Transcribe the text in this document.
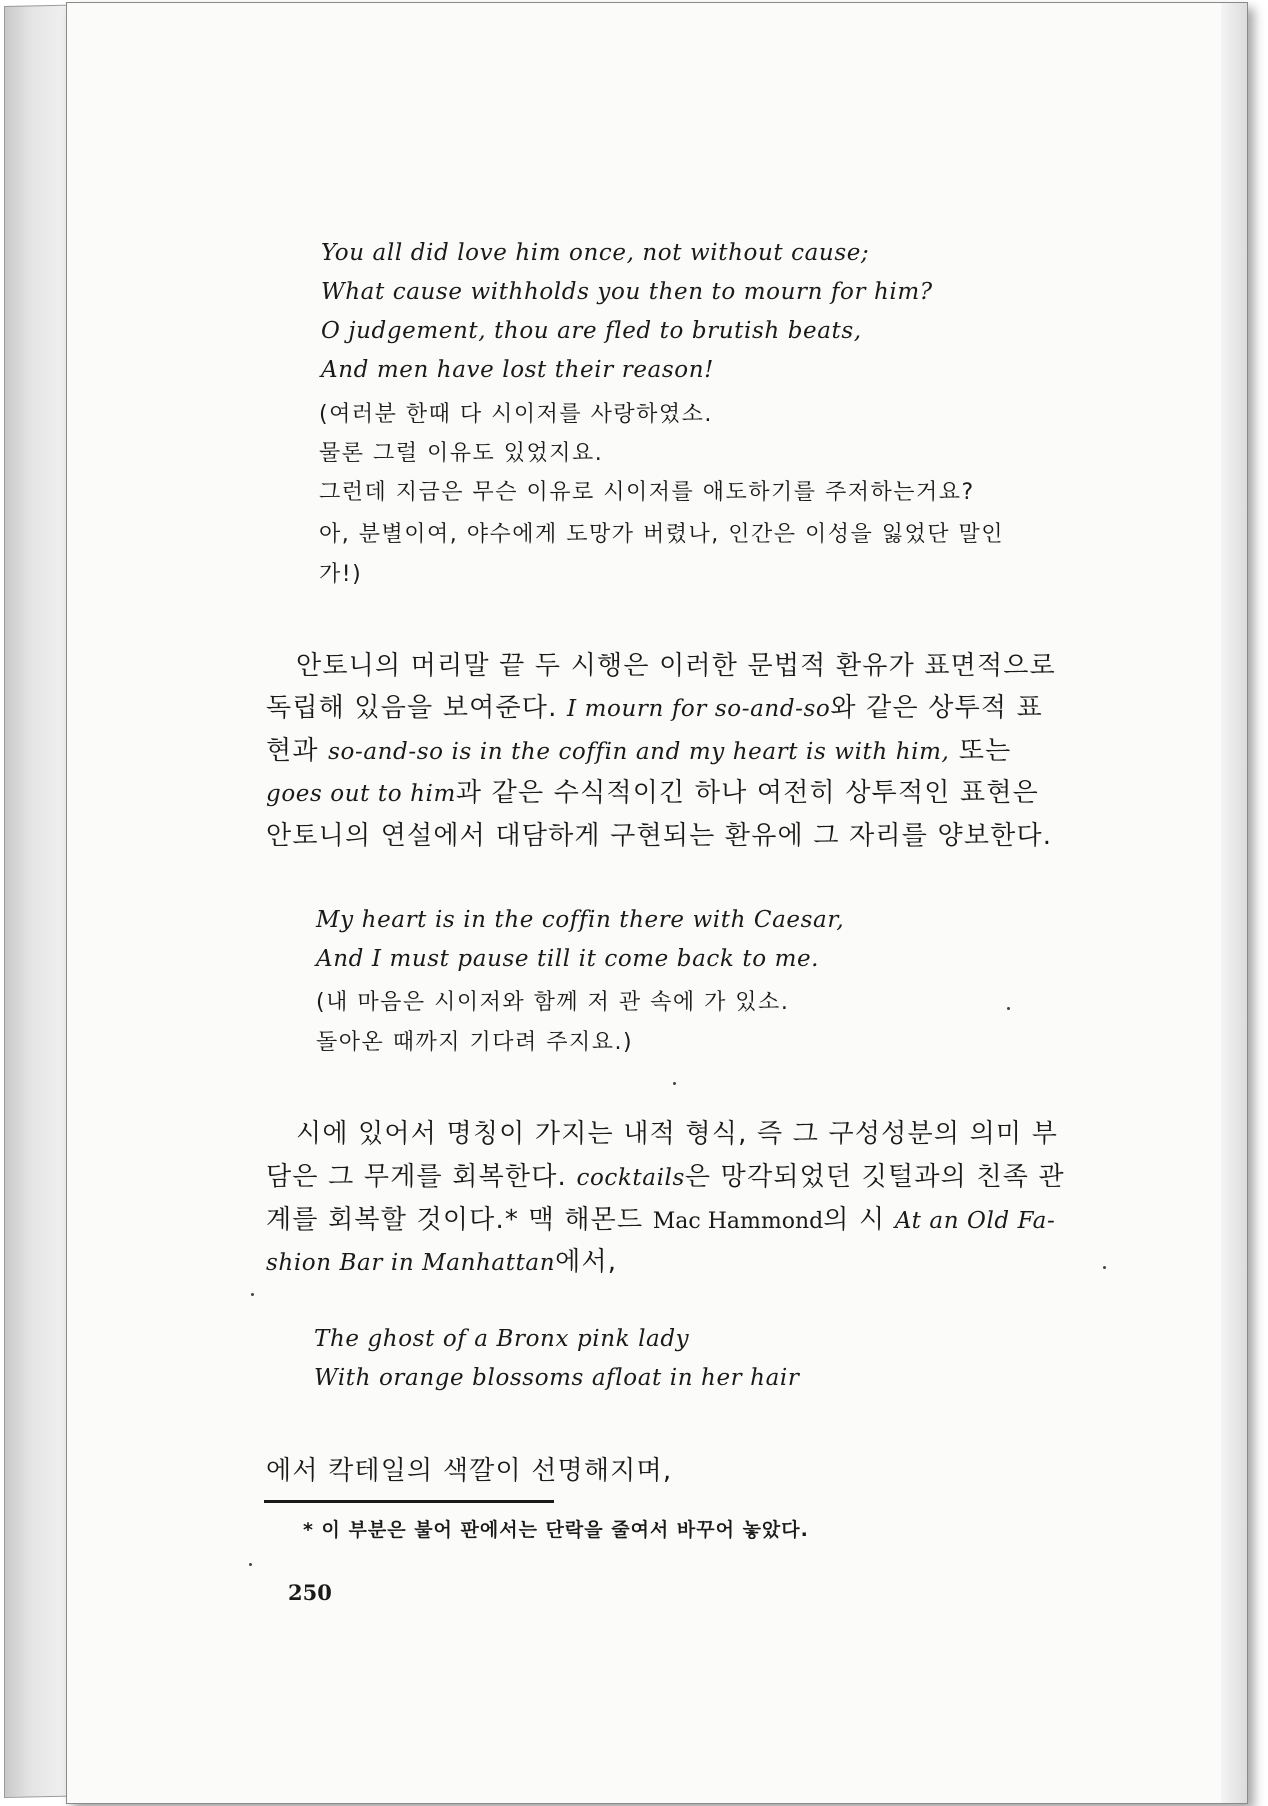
You all did love him once, not without cause;
What cause withholds you then to mourn for him?
O judgement, thou are fled to brutish beats,
And men have lost their reason!
(여러분 한때 다 시이저를 사랑하였소.
물론 그럴 이유도 있었지요.
그런데 지금은 무슨 이유로 시이저를 애도하기를 주저하는거요?
아, 분별이여, 야수에게 도망가 버렸나, 인간은 이성을 잃었단 말인
가!)
안토니의 머리말 끝 두 시행은 이러한 문법적 환유가 표면적으로
독립해 있음을 보여준다. I mourn for so-and-so와 같은 상투적 표
현과 so-and-so is in the coffin and my heart is with him, 또는
goes out to him과 같은 수식적이긴 하나 여전히 상투적인 표현은
안토니의 연설에서 대담하게 구현되는 환유에 그 자리를 양보한다.
My heart is in the coffin there with Caesar,
And I must pause till it come back to me.
(내 마음은 시이저와 함께 저 관 속에 가 있소.
돌아온 때까지 기다려 주지요.)
시에 있어서 명칭이 가지는 내적 형식, 즉 그 구성성분의 의미 부
담은 그 무게를 회복한다. cocktails은 망각되었던 깃털과의 친족 관
계를 회복할 것이다.* 맥 해몬드 Mac Hammond의 시 At an Old Fa-
shion Bar in Manhattan에서,
The ghost of a Bronx pink lady
With orange blossoms afloat in her hair
에서 칵테일의 색깔이 선명해지며,
* 이 부분은 불어 판에서는 단락을 줄여서 바꾸어 놓았다.
250
